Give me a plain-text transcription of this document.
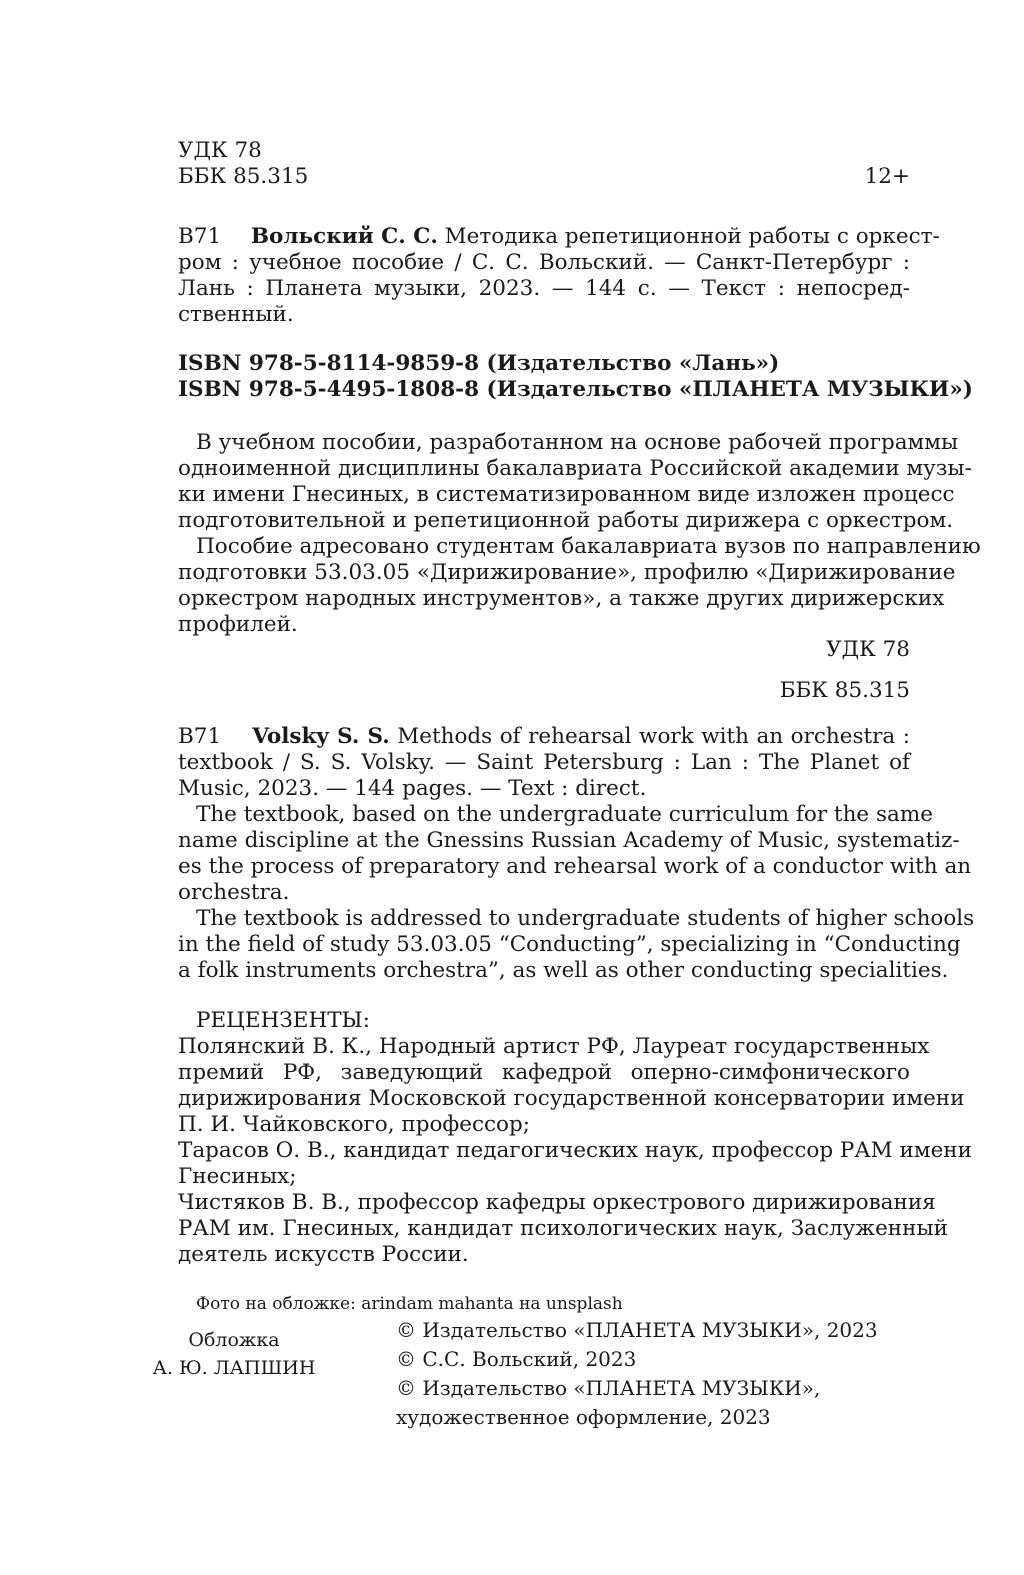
УДК 78
ББК 85.315	12+
В71 Вольский С. С. Методика репетиционной работы с оркест-
ром : учебное пособие / С. С. Вольский. — Санкт-Петербург :
Лань : Планета музыки, 2023. — 144 с. — Текст : непосред-
ственный.
ISBN 978-5-8114-9859-8 (Издательство «Лань»)
ISBN 978-5-4495-1808-8 (Издательство «ПЛАНЕТА МУЗЫКИ»)
В учебном пособии, разработанном на основе рабочей программы
одноименной дисциплины бакалавриата Российской академии музы-
ки имени Гнесиных, в систематизированном виде изложен процесс
подготовительной и репетиционной работы дирижера с оркестром.
Пособие адресовано студентам бакалавриата вузов по направлению
подготовки 53.03.05 «Дирижирование», профилю «Дирижирование
оркестром народных инструментов», а также других дирижерских
профилей.
УДК 78
ББК 85.315
В71 Volsky S. S. Methods of rehearsal work with an orchestra :
textbook / S. S. Volsky. — Saint Petersburg : Lan : The Planet of
Music, 2023. — 144 pages. — Text : direct.
The textbook, based on the undergraduate curriculum for the same
name discipline at the Gnessins Russian Academy of Music, systematiz-
es the process of preparatory and rehearsal work of a conductor with an
orchestra.
The textbook is addressed to undergraduate students of higher schools
in the field of study 53.03.05 “Conducting”, specializing in “Conducting
a folk instruments orchestra”, as well as other conducting specialities.
РЕЦЕНЗЕНТЫ:
Полянский В. К., Народный артист РФ, Лауреат государственных
премий РФ, заведующий кафедрой оперно-симфонического
дирижирования Московской государственной консерватории имени
П. И. Чайковского, профессор;
Тарасов О. В., кандидат педагогических наук, профессор РАМ имени
Гнесиных;
Чистяков В. В., профессор кафедры оркестрового дирижирования
РАМ им. Гнесиных, кандидат психологических наук, Заслуженный
деятель искусств России.
Фото на обложке: arindam mahanta на unsplash
Обложка
А. Ю. ЛАПШИН
© Издательство «ПЛАНЕТА МУЗЫКИ», 2023
© С.С. Вольский, 2023
© Издательство «ПЛАНЕТА МУЗЫКИ»,
художественное оформление, 2023
